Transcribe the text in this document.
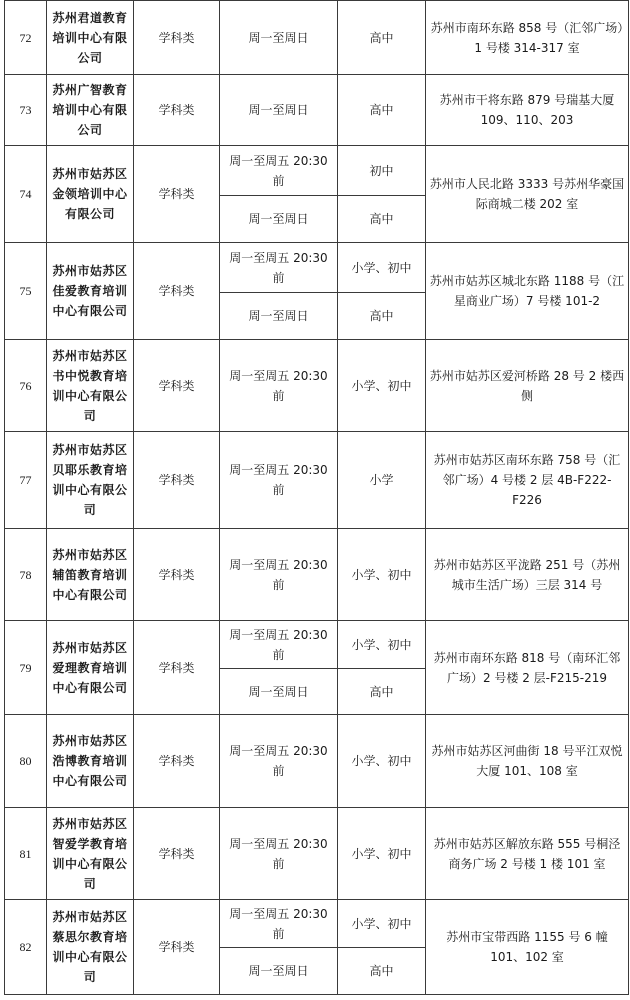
72	苏州君道教育培训中心有限公司	学科类	周一至周日	高中	苏州市南环东路 858 号（汇邻广场）1 号楼 314-317 室
73	苏州广智教育培训中心有限公司	学科类	周一至周日	高中	苏州市干将东路 879 号瑞基大厦 109、110、203
74	苏州市姑苏区金领培训中心有限公司	学科类	周一至周五 20:30 前	初中	苏州市人民北路 3333 号苏州华豪国际商城二楼 202 室
			周一至周日	高中	
75	苏州市姑苏区佳爱教育培训中心有限公司	学科类	周一至周五 20:30 前	小学、初中	苏州市姑苏区城北东路 1188 号（江星商业广场）7 号楼 101-2
			周一至周日	高中	
76	苏州市姑苏区书中悦教育培训中心有限公司	学科类	周一至周五 20:30 前	小学、初中	苏州市姑苏区爱河桥路 28 号 2 楼西侧
77	苏州市姑苏区贝耶乐教育培训中心有限公司	学科类	周一至周五 20:30 前	小学	苏州市姑苏区南环东路 758 号（汇邻广场）4 号楼 2 层 4B-F222-F226
78	苏州市姑苏区辅笛教育培训中心有限公司	学科类	周一至周五 20:30 前	小学、初中	苏州市姑苏区平泷路 251 号（苏州城市生活广场）三层 314 号
79	苏州市姑苏区爱理教育培训中心有限公司	学科类	周一至周五 20:30 前	小学、初中	苏州市南环东路 818 号（南环汇邻广场）2 号楼 2 层-F215-219
			周一至周日	高中	
80	苏州市姑苏区浩博教育培训中心有限公司	学科类	周一至周五 20:30 前	小学、初中	苏州市姑苏区河曲街 18 号平江双悦大厦 101、108 室
81	苏州市姑苏区智爱学教育培训中心有限公司	学科类	周一至周五 20:30 前	小学、初中	苏州市姑苏区解放东路 555 号桐泾商务广场 2 号楼 1 楼 101 室
82	苏州市姑苏区蔡思尔教育培训中心有限公司	学科类	周一至周五 20:30 前	小学、初中	苏州市宝带西路 1155 号 6 幢 101、102 室
			周一至周日	高中	
